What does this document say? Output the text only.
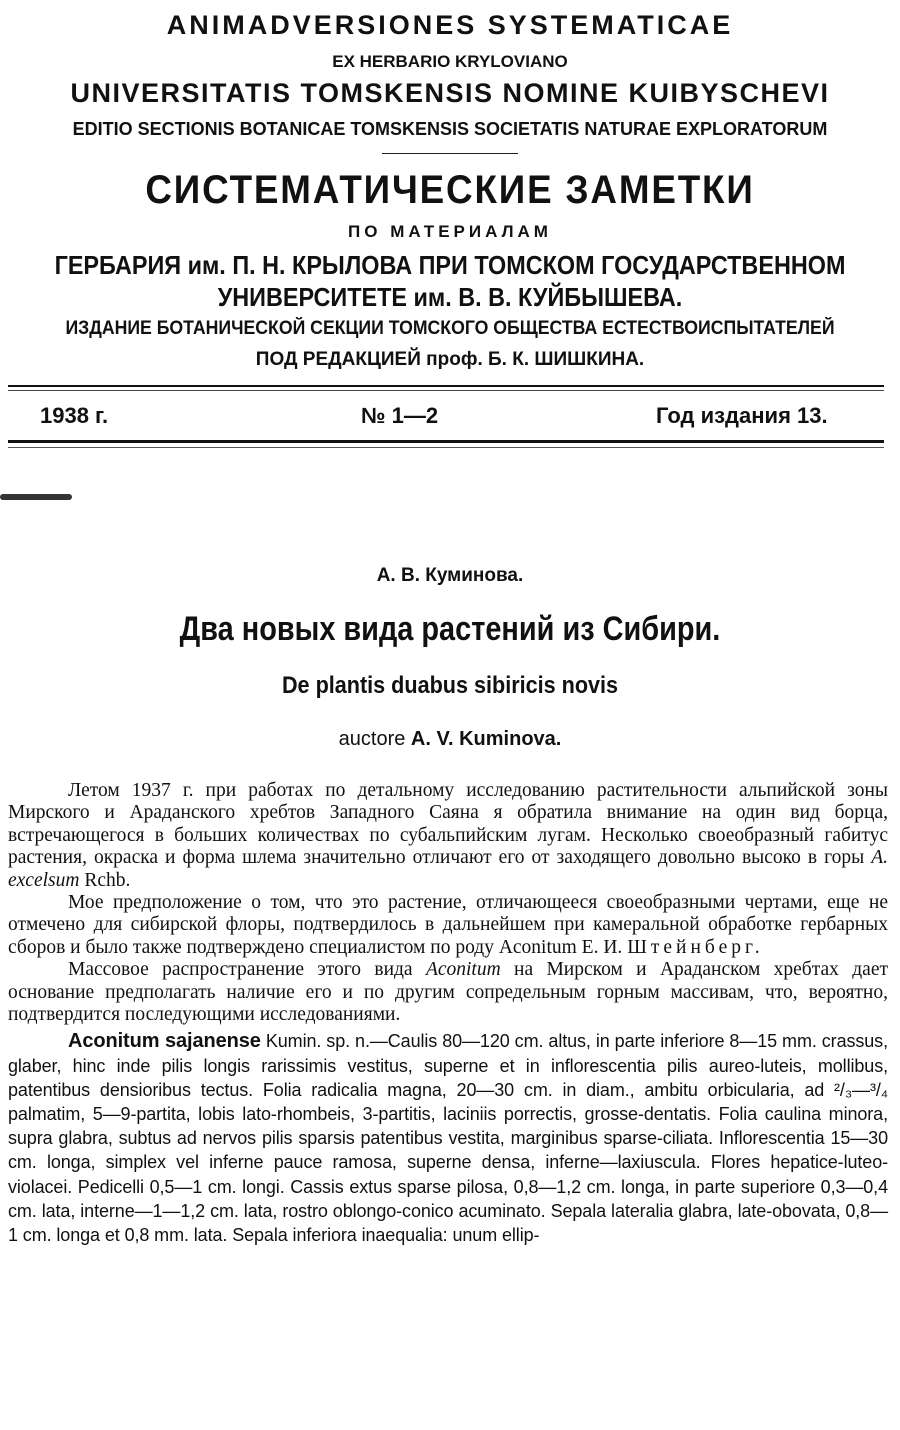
ANIMADVERSIONES SYSTEMATICAE
EX HERBARIO KRYLOVIANO
UNIVERSITATIS TOMSKENSIS NOMINE KUIBYSCHEVI
EDITIO SECTIONIS BOTANICAE TOMSKENSIS SOCIETATIS NATURAE EXPLORATORUM
СИСТЕМАТИЧЕСКИЕ ЗАМЕТКИ
ПО МАТЕРИАЛАМ
ГЕРБАРИЯ им. П. Н. КРЫЛОВА ПРИ ТОМСКОМ ГОСУДАРСТВЕННОМ
УНИВЕРСИТЕТЕ им. В. В. КУЙБЫШЕВА.
ИЗДАНИЕ БОТАНИЧЕСКОЙ СЕКЦИИ ТОМСКОГО ОБЩЕСТВА ЕСТЕСТВОИСПЫТАТЕЛЕЙ
ПОД РЕДАКЦИЕЙ проф. Б. К. ШИШКИНА.
1938 г.	№ 1—2	Год издания 13.
А. В. Куминова.
Два новых вида растений из Сибири.
De plantis duabus sibiricis novis
auctore A. V. Kuminova.

Летом 1937 г. при работах по детальному исследованию растительности альпийской зоны Мирского и Араданского хребтов Западного Саяна я обратила внимание на один вид борца, встречающегося в больших количествах по субальпийским лугам. Несколько своеобразный габитус растения, окраска и форма шлема значительно отличают его от заходящего довольно высоко в горы A. excelsum Rchb.

Мое предположение о том, что это растение, отличающееся своеобразными чертами, еще не отмечено для сибирской флоры, подтвердилось в дальнейшем при камеральной обработке гербарных сборов и было также подтверждено специалистом по роду Aconitum Е. И. Штейнберг.

Массовое распространение этого вида Aconitum на Мирском и Араданском хребтах дает основание предполагать наличие его и по другим сопредельным горным массивам, что, вероятно, подтвердится последующими исследованиями.

Aconitum sajanense Kumin. sp. n.—Caulis 80—120 cm. altus, in parte inferiore 8—15 mm. crassus, glaber, hinc inde pilis longis rarissimis vestitus, superne et in inflorescentia pilis aureo-luteis, mollibus, patentibus densioribus tectus. Folia radicalia magna, 20—30 cm. in diam., ambitu orbicularia, ad ²/₃—³/₄ palmatim, 5—9-partita, lobis lato-rhombeis, 3-partitis, laciniis porrectis, grosse-dentatis. Folia caulina minora, supra glabra, subtus ad nervos pilis sparsis patentibus vestita, marginibus sparse-ciliata. Inflorescentia 15—30 cm. longa, simplex vel inferne pauce ramosa, superne densa, inferne—laxiuscula. Flores hepatice-luteo-violacei. Pedicelli 0,5—1 cm. longi. Cassis extus sparse pilosa, 0,8—1,2 cm. longa, in parte superiore 0,3—0,4 cm. lata, interne—1—1,2 cm. lata, rostro oblongo-conico acuminato. Sepala lateralia glabra, late-obovata, 0,8—1 cm. longa et 0,8 mm. lata. Sepala inferiora inaequalia: unum ellip-
